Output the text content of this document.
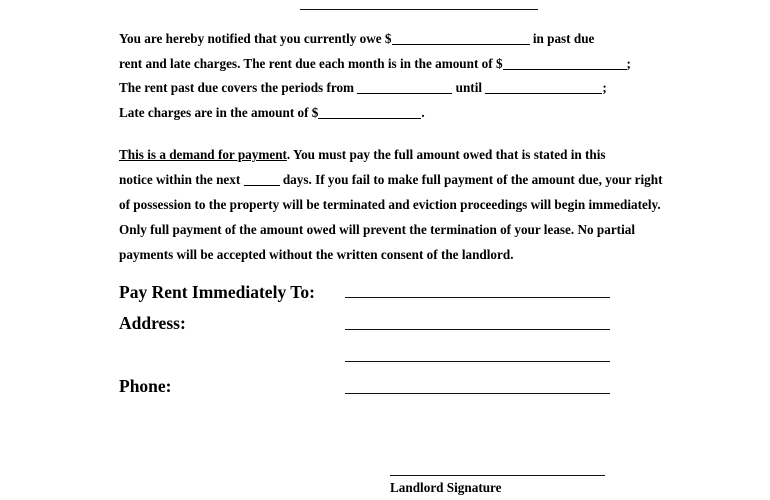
You are hereby notified that you currently owe $	in past due
rent and late charges. The rent due each month is in the amount of $	;
The rent past due covers the periods from	until	;
Late charges are in the amount of $	.
This is a demand for payment. You must pay the full amount owed that is stated in this
notice within the next	days. If you fail to make full payment of the amount due, your right
of possession to the property will be terminated and eviction proceedings will begin immediately.
Only full payment of the amount owed will prevent the termination of your lease. No partial
payments will be accepted without the written consent of the landlord.
Pay Rent Immediately To:
Address:
Phone:
Landlord Signature
